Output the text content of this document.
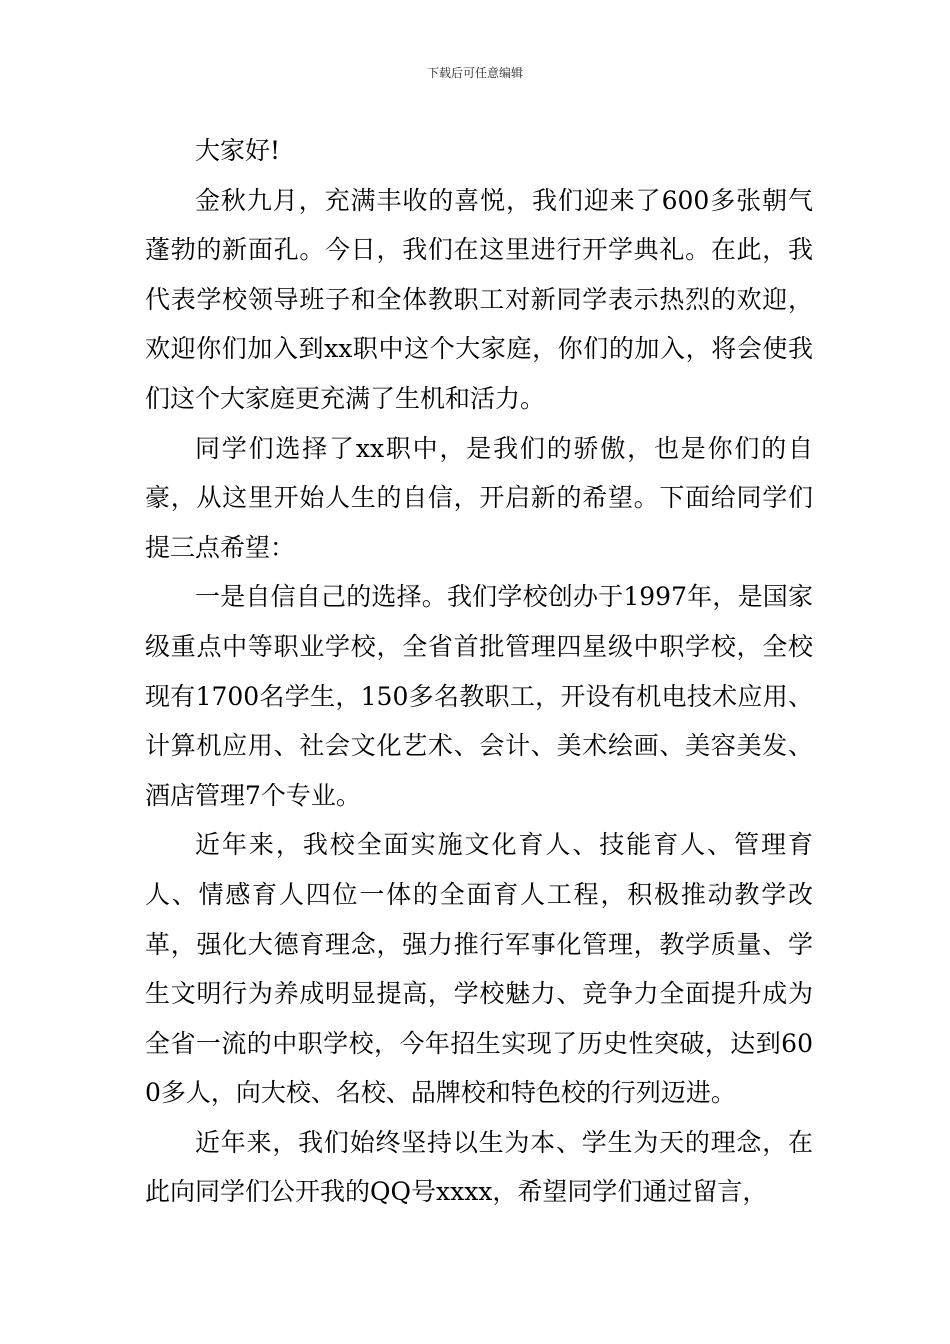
下载后可任意编辑

大家好!

金秋九月，充满丰收的喜悦，我们迎来了600多张朝气蓬勃的新面孔。今日，我们在这里进行开学典礼。在此，我代表学校领导班子和全体教职工对新同学表示热烈的欢迎，欢迎你们加入到xx职中这个大家庭，你们的加入，将会使我们这个大家庭更充满了生机和活力。

同学们选择了xx职中，是我们的骄傲，也是你们的自豪，从这里开始人生的自信，开启新的希望。下面给同学们提三点希望：

一是自信自己的选择。我们学校创办于1997年，是国家级重点中等职业学校，全省首批管理四星级中职学校，全校现有1700名学生，150多名教职工，开设有机电技术应用、计算机应用、社会文化艺术、会计、美术绘画、美容美发、酒店管理7个专业。

近年来，我校全面实施文化育人、技能育人、管理育人、情感育人四位一体的全面育人工程，积极推动教学改革，强化大德育理念，强力推行军事化管理，教学质量、学生文明行为养成明显提高，学校魅力、竞争力全面提升成为全省一流的中职学校，今年招生实现了历史性突破，达到600多人，向大校、名校、品牌校和特色校的行列迈进。

近年来，我们始终坚持以生为本、学生为天的理念，在此向同学们公开我的QQ号xxxx，希望同学们通过留言，
